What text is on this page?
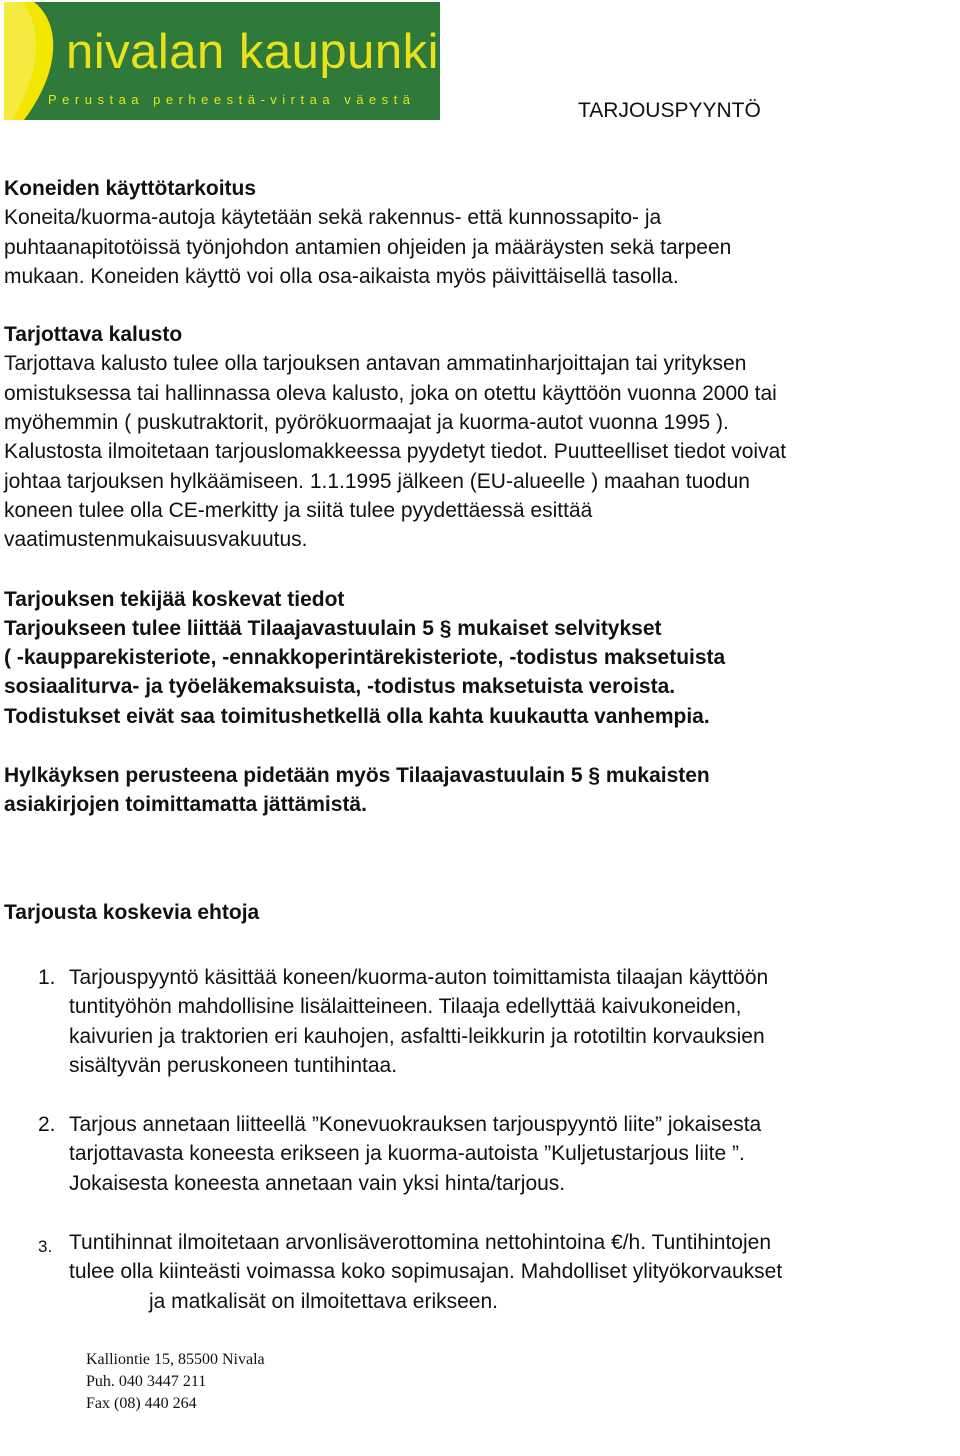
nivalan kaupunki
Perustaa perheestä-virtaa väestä	TARJOUSPYYNTÖ

Koneiden käyttötarkoitus

Koneita/kuorma-autoja käytetään sekä rakennus- että kunnossapito- ja

puhtaanapitotöissä työnjohdon antamien ohjeiden ja määräysten sekä tarpeen

mukaan. Koneiden käyttö voi olla osa-aikaista myös päivittäisellä tasolla.

Tarjottava kalusto

Tarjottava kalusto tulee olla tarjouksen antavan ammatinharjoittajan tai yrityksen

omistuksessa tai hallinnassa oleva kalusto, joka on otettu käyttöön vuonna 2000 tai

myöhemmin ( puskutraktorit, pyörökuormaajat ja kuorma-autot vuonna 1995 ).

Kalustosta ilmoitetaan tarjouslomakkeessa pyydetyt tiedot. Puutteelliset tiedot voivat

johtaa tarjouksen hylkäämiseen. 1.1.1995 jälkeen (EU-alueelle ) maahan tuodun

koneen tulee olla CE-merkitty ja siitä tulee pyydettäessä esittää

vaatimustenmukaisuusvakuutus.

Tarjouksen tekijää koskevat tiedot

Tarjoukseen tulee liittää Tilaajavastuulain 5 § mukaiset selvitykset

( -kaupparekisteriote, -ennakkoperintärekisteriote, -todistus maksetuista

sosiaaliturva- ja työeläkemaksuista, -todistus maksetuista veroista.

Todistukset eivät saa toimitushetkellä olla kahta kuukautta vanhempia.

Hylkäyksen perusteena pidetään myös Tilaajavastuulain 5 § mukaisten

asiakirjojen toimittamatta jättämistä.

Tarjousta koskevia ehtoja

1. Tarjouspyyntö käsittää koneen/kuorma-auton toimittamista tilaajan käyttöön

tuntityöhön mahdollisine lisälaitteineen. Tilaaja edellyttää kaivukoneiden,

kaivurien ja traktorien eri kauhojen, asfaltti-leikkurin ja rototiltin korvauksien

sisältyvän peruskoneen tuntihintaa.

2. Tarjous annetaan liitteellä ”Konevuokrauksen tarjouspyyntö liite” jokaisesta

tarjottavasta koneesta erikseen ja kuorma-autoista ”Kuljetustarjous liite ”.

Jokaisesta koneesta annetaan vain yksi hinta/tarjous.

3. Tuntihinnat ilmoitetaan arvonlisäverottomina nettohintoina €/h. Tuntihintojen

tulee olla kiinteästi voimassa koko sopimusajan. Mahdolliset ylityökorvaukset

ja matkalisät on ilmoitettava erikseen.

Kalliontie 15, 85500 Nivala

Puh. 040 3447 211

Fax (08) 440 264
